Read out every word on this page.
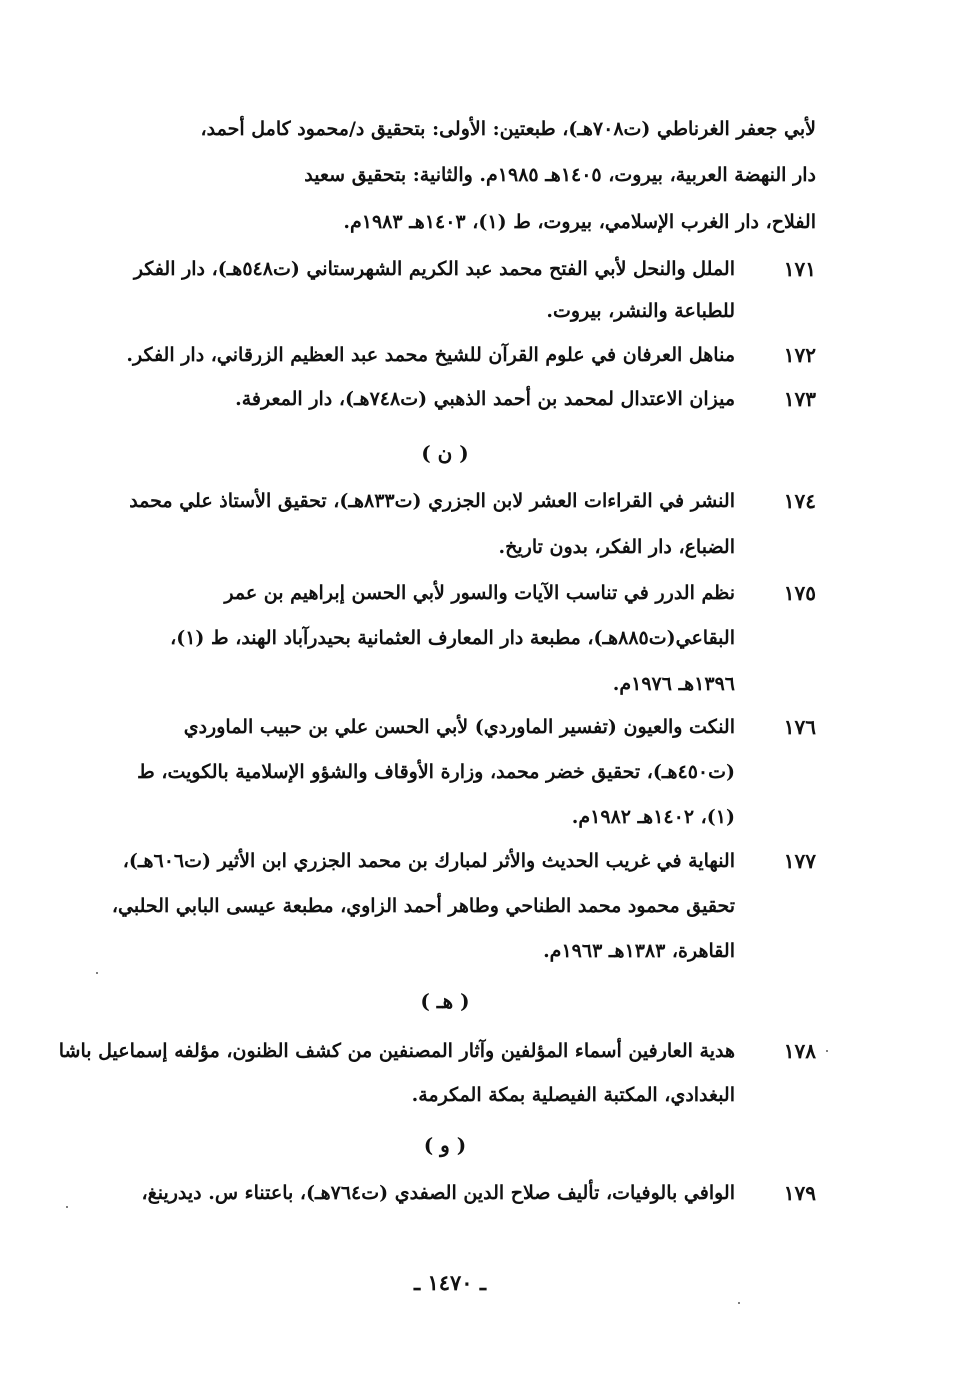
لأبي جعفر الغرناطي (ت٧٠٨هـ)، طبعتين: الأولى: بتحقيق د/محمود كامل أحمد،
دار النهضة العربية، بيروت، ١٤٠٥هـ ١٩٨٥م. والثانية: بتحقيق سعيد
الفلاح، دار الغرب الإسلامي، بيروت، ط (١)، ١٤٠٣هـ ١٩٨٣م.
١٧١
الملل والنحل لأبي الفتح محمد عبد الكريم الشهرستاني (ت٥٤٨هـ)، دار الفكر
للطباعة والنشر، بيروت.
١٧٢
مناهل العرفان في علوم القرآن للشيخ محمد عبد العظيم الزرقاني، دار الفكر.
١٧٣
ميزان الاعتدال لمحمد بن أحمد الذهبي (ت٧٤٨هـ)، دار المعرفة.
( ن )
١٧٤
النشر في القراءات العشر لابن الجزري (ت٨٣٣هـ)، تحقيق الأستاذ علي محمد
الضباع، دار الفكر، بدون تاريخ.
١٧٥
نظم الدرر في تناسب الآيات والسور لأبي الحسن إبراهيم بن عمر
البقاعي(ت٨٨٥هـ)، مطبعة دار المعارف العثمانية بحيدرآباد الهند، ط (١)،
١٣٩٦هـ ١٩٧٦م.
١٧٦
النكت والعيون (تفسير الماوردي) لأبي الحسن علي بن حبيب الماوردي
(ت٤٥٠هـ)، تحقيق خضر محمد، وزارة الأوقاف والشؤو الإسلامية بالكويت، ط
(١)، ١٤٠٢هـ ١٩٨٢م.
١٧٧
النهاية في غريب الحديث والأثر لمبارك بن محمد الجزري ابن الأثير (ت٦٠٦هـ)،
تحقيق محمود محمد الطناحي وطاهر أحمد الزاوي، مطبعة عيسى البابي الحلبي،
القاهرة، ١٣٨٣هـ ١٩٦٣م.
( هـ )
١٧٨
هدية العارفين أسماء المؤلفين وآثار المصنفين من كشف الظنون، مؤلفه إسماعيل باشا
البغدادي، المكتبة الفيصلية بمكة المكرمة.
( و )
١٧٩
الوافي بالوفيات، تأليف صلاح الدين الصفدي (ت٧٦٤هـ)، باعتناء س. ديدرينغ،
ـ ١٤٧٠ ـ
